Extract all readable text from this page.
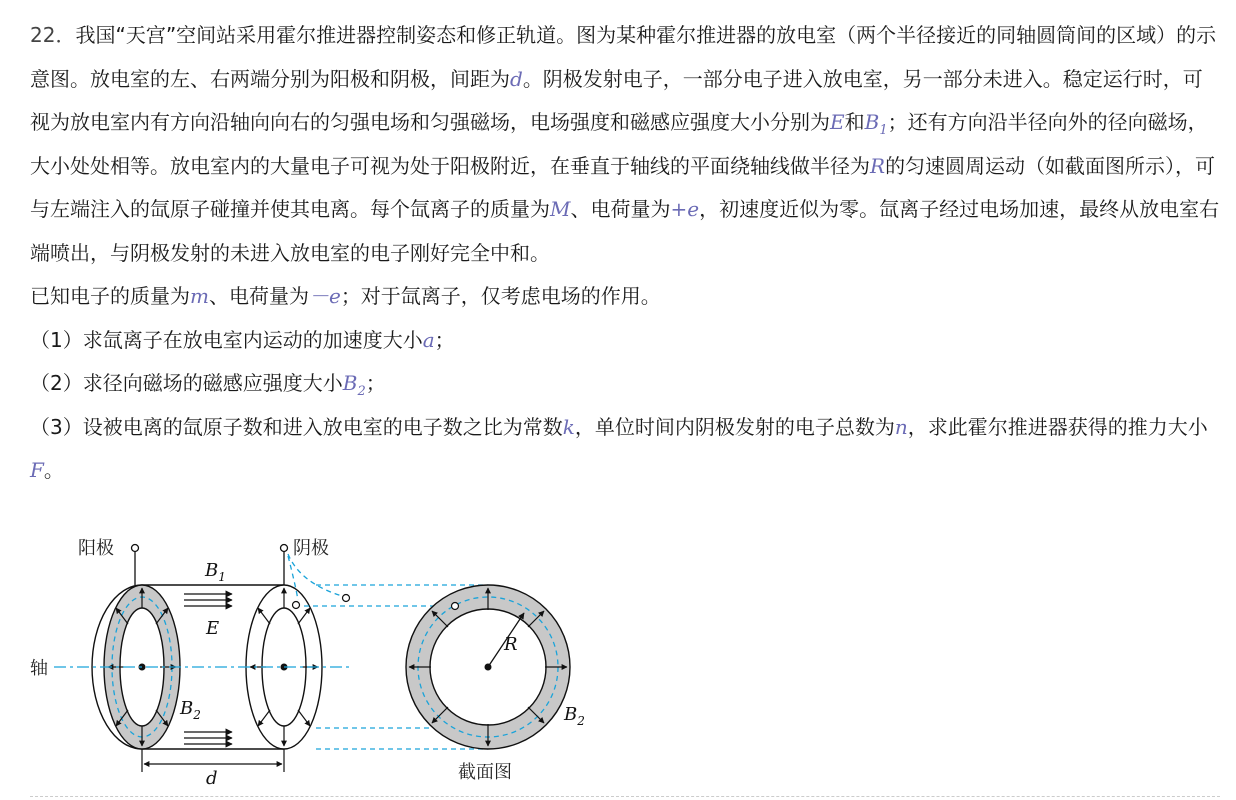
22．我国“天宫”空间站采用霍尔推进器控制姿态和修正轨道。图为某种霍尔推进器的放电室（两个半径接近的同轴圆筒间的区域）的示意图。放电室的左、右两端分别为阳极和阴极，间距为d。阴极发射电子，一部分电子进入放电室，另一部分未进入。稳定运行时，可视为放电室内有方向沿轴向向右的匀强电场和匀强磁场，电场强度和磁感应强度大小分别为E和$B_1$；还有方向沿半径向外的径向磁场，大小处处相等。放电室内的大量电子可视为处于阳极附近，在垂直于轴线的平面绕轴线做半径为R的匀速圆周运动（如截面图所示），可与左端注入的氙原子碰撞并使其电离。每个氙离子的质量为M、电荷量为+e，初速度近似为零。氙离子经过电场加速，最终从放电室右端喷出，与阴极发射的未进入放电室的电子刚好完全中和。

已知电子的质量为m、电荷量为－e；对于氙离子，仅考虑电场的作用。

（1）求氙离子在放电室内运动的加速度大小a；

（2）求径向磁场的磁感应强度大小$B_2$；

（3）设被电离的氙原子数和进入放电室的电子数之比为常数k，单位时间内阴极发射的电子总数为n，求此霍尔推进器获得的推力大小F。

轴
阳极	阴极
$B_1$
E
$B_2$
d
R
$B_2$
截面图
